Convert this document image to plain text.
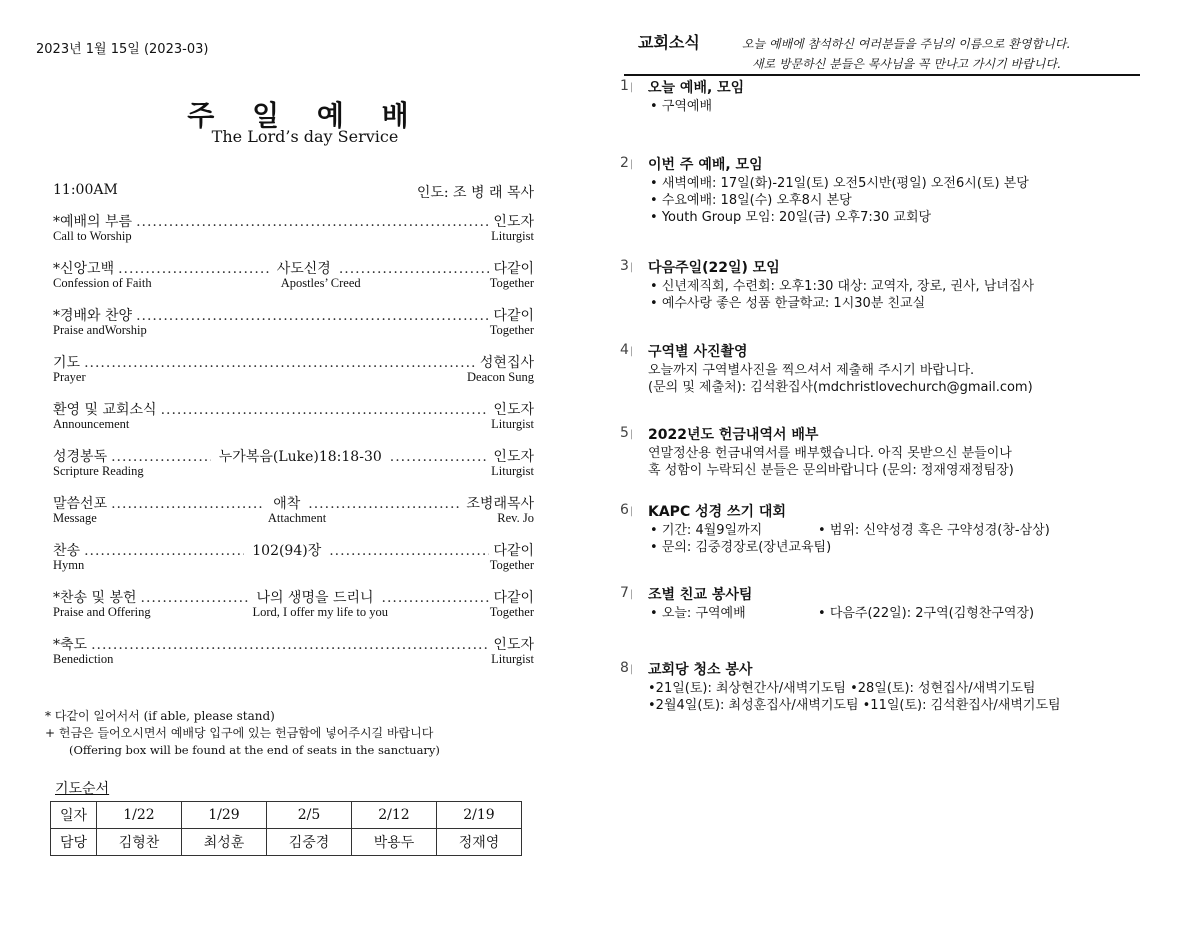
2023년 1월 15일 (2023-03)
주 일 예 배
The Lord’s day Service
11:00AM	인도: 조 병 래 목사
*예배의 부름 .....	인도자
Call to Worship	Liturgist
*신앙고백 .....	사도신경 .....	다같이
Confession of Faith	Apostles’ Creed	Together
*경배와 찬양 .....	다같이
Praise andWorship	Together
기도 .....	성현집사
Prayer	Deacon Sung
환영 및 교회소식 .....	인도자
Announcement	Liturgist
성경봉독 .....	누가복음(Luke)18:18-30 .....	인도자
Scripture Reading	Liturgist
말씀선포 .....	애착 .....	조병래목사
Message	Attachment	Rev. Jo
찬송 .....	102(94)장 .....	다같이
Hymn	Together
*찬송 및 봉헌 .....	나의 생명을 드리니 .....	다같이
Praise and Offering	Lord, I offer my life to you	Together
*축도 .....	인도자
Benediction	Liturgist
* 다같이 일어서서 (if able, please stand)
+ 헌금은 들어오시면서 예배당 입구에 있는 헌금함에 넣어주시길 바랍니다
(Offering box will be found at the end of seats in the sanctuary)
기도순서
일자	1/22	1/29	2/5	2/12	2/19
담당	김형찬	최성훈	김중경	박용두	정재영
교회소식	오늘 예배에 참석하신 여러분들을 주님의 이름으로 환영합니다.
새로 방문하신 분들은 목사님을 꼭 만나고 가시기 바랍니다.
1 |	오늘 예배, 모임
• 구역예배
2 |	이번 주 예배, 모임
• 새벽예배: 17일(화)-21일(토) 오전5시반(평일) 오전6시(토) 본당
• 수요예배: 18일(수) 오후8시 본당
• Youth Group 모임: 20일(금) 오후7:30 교회당
3 |	다음주일(22일) 모임
• 신년제직회, 수련회: 오후1:30 대상: 교역자, 장로, 권사, 남녀집사
• 예수사랑 좋은 성품 한글학교: 1시30분 친교실
4 |	구역별 사진촬영
오늘까지 구역별사진을 찍으셔서 제출해 주시기 바랍니다.
(문의 및 제출처): 김석환집사(mdchristlovechurch@gmail.com)
5 |	2022년도 헌금내역서 배부
연말정산용 헌금내역서를 배부했습니다. 아직 못받으신 분들이나
혹 성함이 누락되신 분들은 문의바랍니다 (문의: 정재영재정팀장)
6 |	KAPC 성경 쓰기 대회
• 기간: 4월9일까지	• 범위: 신약성경 혹은 구약성경(창-삼상)
• 문의: 김중경장로(장년교육팀)
7 |	조별 친교 봉사팀
• 오늘: 구역예배	• 다음주(22일): 2구역(김형찬구역장)
8 |	교회당 청소 봉사
•21일(토): 최상현간사/새벽기도팀 •28일(토): 성현집사/새벽기도팀
•2월4일(토): 최성훈집사/새벽기도팀 •11일(토): 김석환집사/새벽기도팀
